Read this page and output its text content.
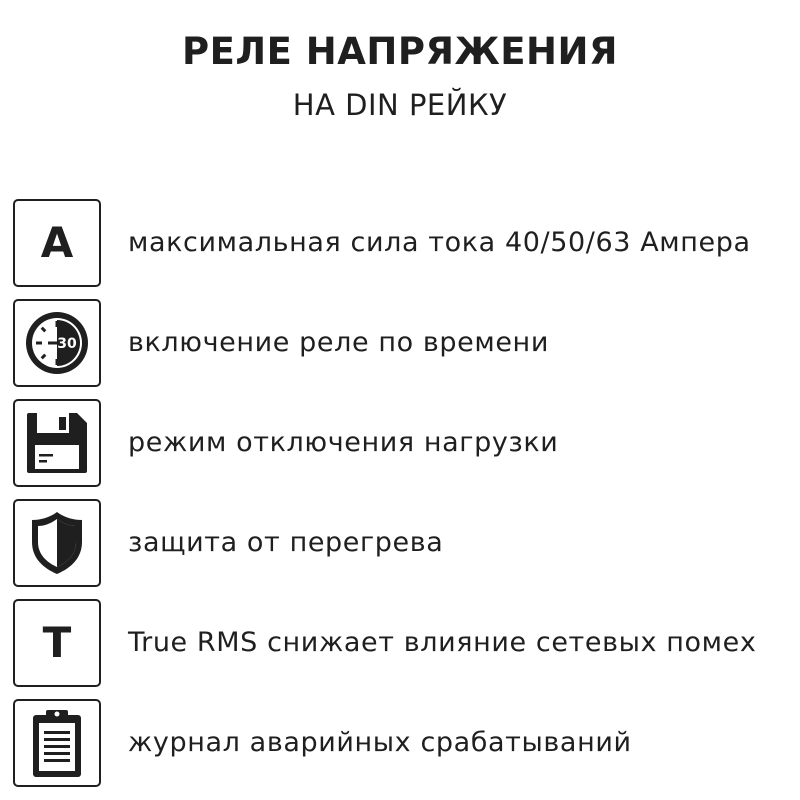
РЕЛЕ НАПРЯЖЕНИЯ
НА DIN РЕЙКУ
A максимальная сила тока 40/50/63 Ампера
30 включение реле по времени
режим отключения нагрузки
защита от перегрева
T True RMS снижает влияние сетевых помех
журнал аварийных срабатываний
